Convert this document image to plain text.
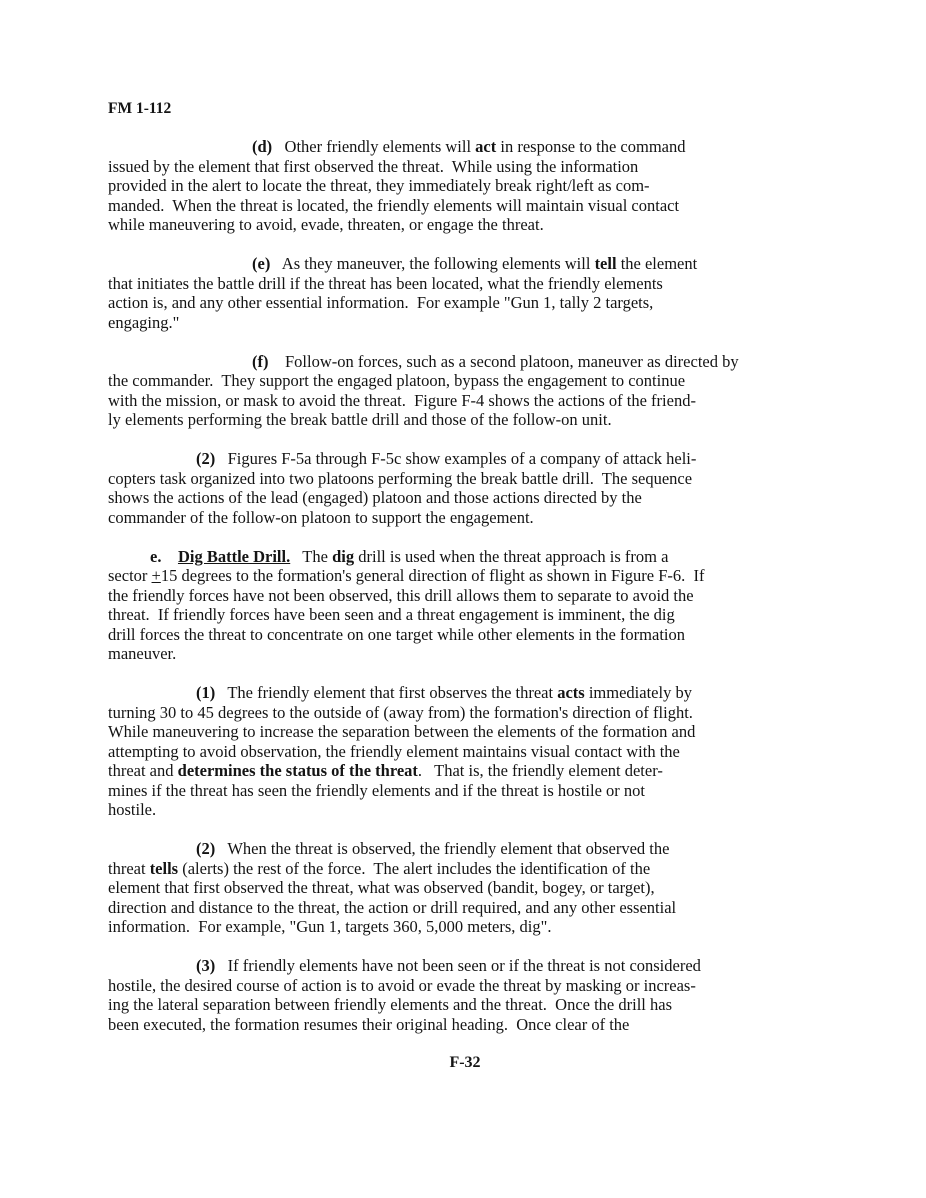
FM 1-112
(d)   Other friendly elements will act in response to the command
issued by the element that first observed the threat.  While using the information
provided in the alert to locate the threat, they immediately break right/left as com-
manded.  When the threat is located, the friendly elements will maintain visual contact
while maneuvering to avoid, evade, threaten, or engage the threat.
(e)   As they maneuver, the following elements will tell the element
that initiates the battle drill if the threat has been located, what the friendly elements
action is, and any other essential information.  For example "Gun 1, tally 2 targets,
engaging."
(f)    Follow-on forces, such as a second platoon, maneuver as directed by
the commander.  They support the engaged platoon, bypass the engagement to continue
with the mission, or mask to avoid the threat.  Figure F-4 shows the actions of the friend-
ly elements performing the break battle drill and those of the follow-on unit.
(2)   Figures F-5a through F-5c show examples of a company of attack heli-
copters task organized into two platoons performing the break battle drill.  The sequence
shows the actions of the lead (engaged) platoon and those actions directed by the
commander of the follow-on platoon to support the engagement.
e. Dig Battle Drill.   The dig drill is used when the threat approach is from a
sector +15 degrees to the formation's general direction of flight as shown in Figure F-6.  If
the friendly forces have not been observed, this drill allows them to separate to avoid the
threat.  If friendly forces have been seen and a threat engagement is imminent, the dig
drill forces the threat to concentrate on one target while other elements in the formation
maneuver.
(1)   The friendly element that first observes the threat acts immediately by
turning 30 to 45 degrees to the outside of (away from) the formation's direction of flight.
While maneuvering to increase the separation between the elements of the formation and
attempting to avoid observation, the friendly element maintains visual contact with the
threat and determines the status of the threat.   That is, the friendly element deter-
mines if the threat has seen the friendly elements and if the threat is hostile or not
hostile.
(2)   When the threat is observed, the friendly element that observed the
threat tells (alerts) the rest of the force.  The alert includes the identification of the
element that first observed the threat, what was observed (bandit, bogey, or target),
direction and distance to the threat, the action or drill required, and any other essential
information.  For example, "Gun 1, targets 360, 5,000 meters, dig".
(3)   If friendly elements have not been seen or if the threat is not considered
hostile, the desired course of action is to avoid or evade the threat by masking or increas-
ing the lateral separation between friendly elements and the threat.  Once the drill has
been executed, the formation resumes their original heading.  Once clear of the
F-32
